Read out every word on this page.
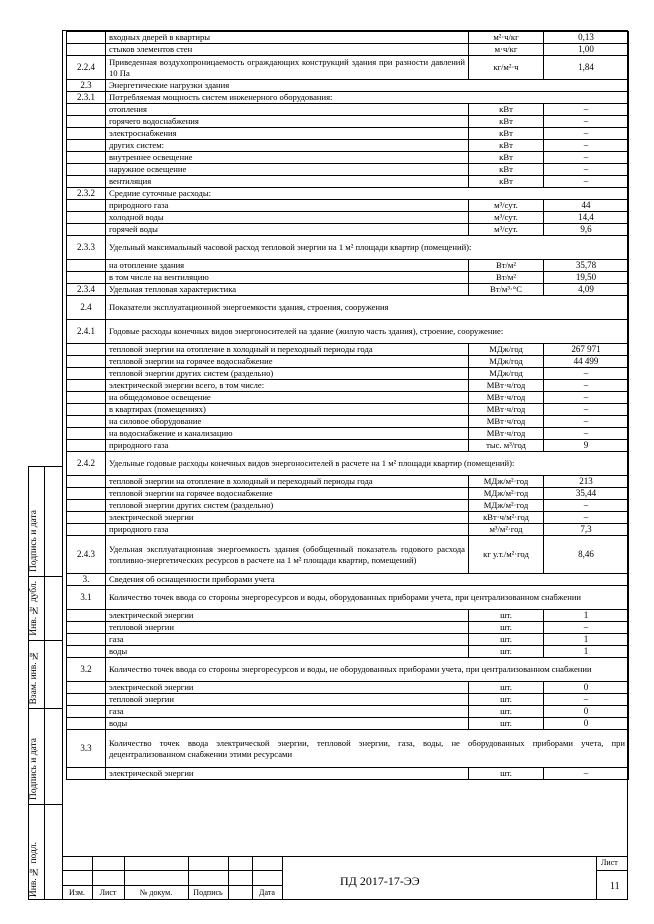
	входных дверей в квартиры	м²·ч/кг	0,13
	стыков элементов стен	м·ч/кг	1,00
2.2.4	Приведенная воздухопроницаемость ограждающих конструкций здания при разности давлений 10 Па	кг/м²·ч	1,84
2.3	Энергетические нагрузки здания		
2.3.1	Потребляемая мощность систем инженерного оборудования:		
	отопления	кВт	–
	горячего водоснабжения	кВт	–
	электроснабжения	кВт	–
	других систем:	кВт	–
	внутреннее освещение	кВт	–
	наружное освещение	кВт	–
	вентиляция	кВт	–
2.3.2	Средние суточные расходы:		
	природного газа	м³/сут.	44
	холодной воды	м³/сут.	14,4
	горячей воды	м³/сут.	9,6
2.3.3	Удельный максимальный часовой расход тепловой энергии на 1 м² площади квартир (помещений):		
	на отопление здания	Вт/м²	35,78
	в том числе на вентиляцию	Вт/м²	19,50
2.3.4	Удельная тепловая характеристика	Вт/м³·°С	4,09
2.4	Показатели эксплуатационной энергоемкости здания, строения, сооружения		
2.4.1	Годовые расходы конечных видов энергоносителей на здание (жилую часть здания), строение, сооружение:		
	тепловой энергии на отопление в холодный и переходный периоды года	МДж/год	267 971
	тепловой энергии на горячее водоснабжение	МДж/год	44 499
	тепловой энергии других систем (раздельно)	МДж/год	–
	электрической энергии всего, в том числе:	МВт·ч/год	–
	на общедомовое освещение	МВт·ч/год	–
	в квартирах (помещениях)	МВт·ч/год	–
	на силовое оборудование	МВт·ч/год	–
	на водоснабжение и канализацию	МВт·ч/год	–
	природного газа	тыс. м³/год	9
2.4.2	Удельные годовые расходы конечных видов энергоносителей в расчете на 1 м² площади квартир (помещений):		
	тепловой энергии на отопление в холодный и переходный периоды года	МДж/м²·год	213
	тепловой энергии на горячее водоснабжение	МДж/м²·год	35,44
	тепловой энергии других систем (раздельно)	МДж/м²·год	–
	электрической энергии	кВт·ч/м²·год	–
	природного газа	м³/м²·год	7,3
2.4.3	Удельная эксплуатационная энергоемкость здания (обобщенный показатель годового расхода топливно-энергетических ресурсов в расчете на 1 м² площади квартир, помещений)	кг у.т./м²·год	8,46
3.	Сведения об оснащенности приборами учета		
3.1	Количество точек ввода со стороны энергоресурсов и воды, оборудованных приборами учета, при централизованном снабжении		
	электрической энергии	шт.	1
	тепловой энергии	шт.	–
	газа	шт.	1
	воды	шт.	1
3.2	Количество точек ввода со стороны энергоресурсов и воды, не оборудованных приборами учета, при централизованном снабжении		
	электрической энергии	шт.	0
	тепловой энергии	шт.	–
	газа	шт.	0
	воды	шт.	0
3.3	Количество точек ввода электрической энергии, тепловой энергии, газа, воды, не оборудованных приборами учета, при децентрализованном снабжении этими ресурсами		
	электрической энергии	шт.	–
Подпись и дата
Инв. № дубл.
Взам. инв. №
Подпись и дата
Инв. № подл.	Изм.	Лист	№ докум.	Подпись	Дата
ПД 2017-17-ЭЭ
Лист
11
